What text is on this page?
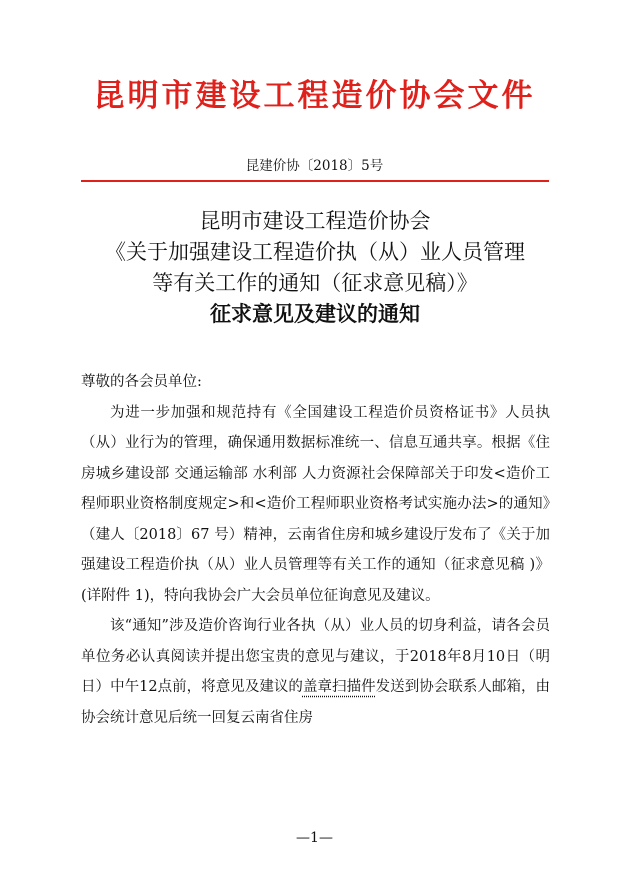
昆明市建设工程造价协会文件
昆建价协〔2018〕5号
昆明市建设工程造价协会
《关于加强建设工程造价执（从）业人员管理
等有关工作的通知（征求意见稿）》
征求意见及建议的通知

尊敬的各会员单位:

为进一步加强和规范持有《全国建设工程造价员资格证书》人员执（从）业行为的管理，确保通用数据标准统一、信息互通共享。根据《住房城乡建设部 交通运输部 水利部 人力资源社会保障部关于印发<造价工程师职业资格制度规定>和<造价工程师职业资格考试实施办法>的通知》（建人〔2018〕67 号）精神，云南省住房和城乡建设厅发布了《关于加强建设工程造价执（从）业人员管理等有关工作的通知（征求意见稿 )》(详附件 1)，特向我协会广大会员单位征询意见及建议。

该“通知”涉及造价咨询行业各执（从）业人员的切身利益，请各会员单位务必认真阅读并提出您宝贵的意见与建议，于2018年8月10日（明日）中午12点前，将意见及建议的盖章扫描件发送到协会联系人邮箱，由协会统计意见后统一回复云南省住房

—1—
